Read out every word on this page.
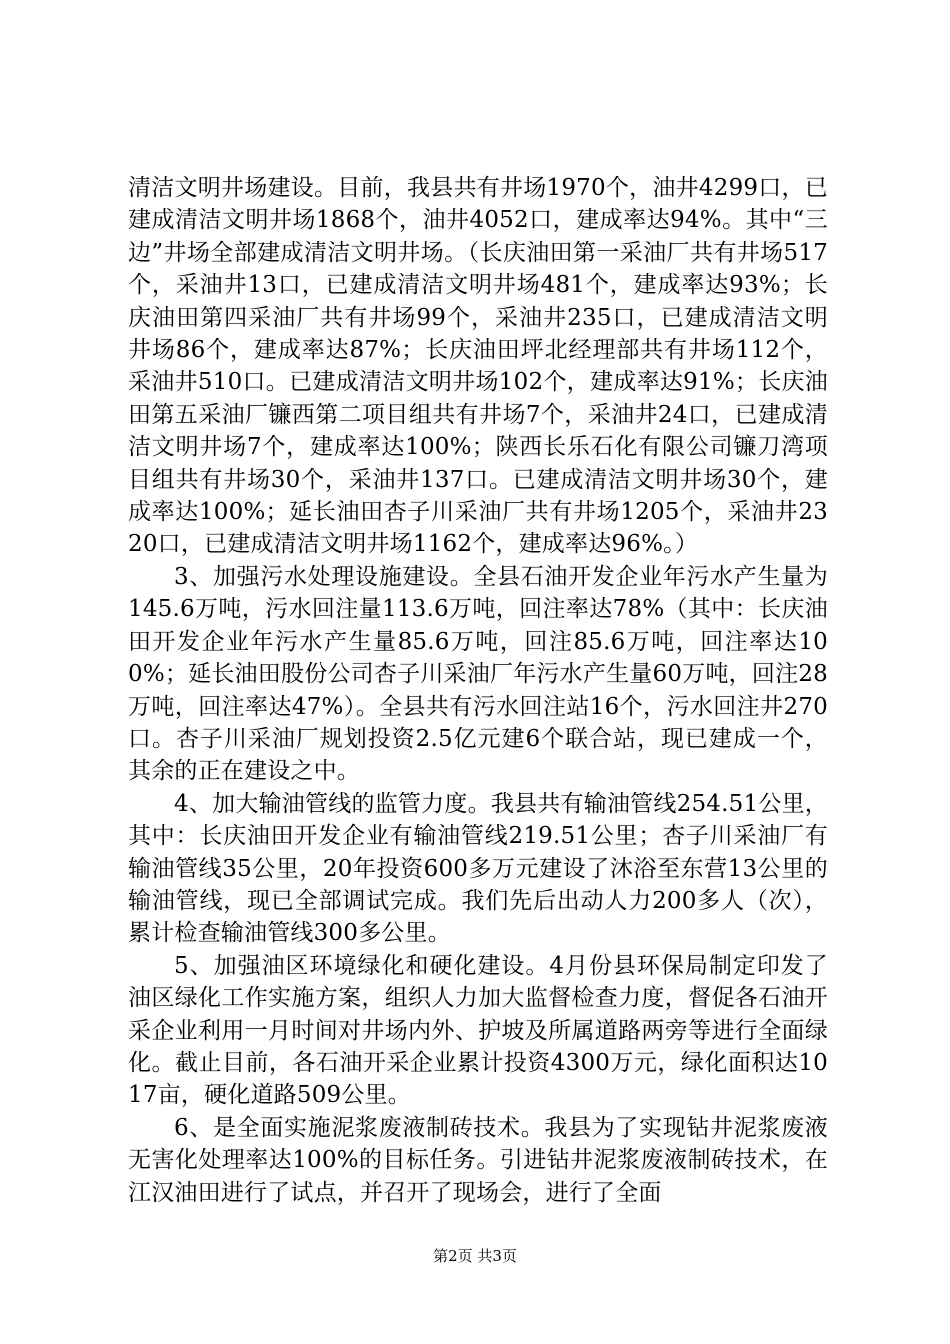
清洁文明井场建设。目前，我县共有井场1970个，油井4299口，已建成清洁文明井场1868个，油井4052口，建成率达94%。其中“三边”井场全部建成清洁文明井场。（长庆油田第一采油厂共有井场517个，采油井13口，已建成清洁文明井场481个，建成率达93%；长庆油田第四采油厂共有井场99个，采油井235口，已建成清洁文明井场86个，建成率达87%；长庆油田坪北经理部共有井场112个，采油井510口。已建成清洁文明井场102个，建成率达91%；长庆油田第五采油厂镰西第二项目组共有井场7个，采油井24口，已建成清洁文明井场7个，建成率达100%；陕西长乐石化有限公司镰刀湾项目组共有井场30个，采油井137口。已建成清洁文明井场30个，建成率达100%；延长油田杏子川采油厂共有井场1205个，采油井2320口，已建成清洁文明井场1162个，建成率达96%。）

3、加强污水处理设施建设。全县石油开发企业年污水产生量为145.6万吨，污水回注量113.6万吨，回注率达78%（其中：长庆油田开发企业年污水产生量85.6万吨，回注85.6万吨，回注率达100%；延长油田股份公司杏子川采油厂年污水产生量60万吨，回注28万吨，回注率达47%）。全县共有污水回注站16个，污水回注井270口。杏子川采油厂规划投资2.5亿元建6个联合站，现已建成一个，其余的正在建设之中。

4、加大输油管线的监管力度。我县共有输油管线254.51公里，其中：长庆油田开发企业有输油管线219.51公里；杏子川采油厂有输油管线35公里，20年投资600多万元建设了沐浴至东营13公里的输油管线，现已全部调试完成。我们先后出动人力200多人（次），累计检查输油管线300多公里。

5、加强油区环境绿化和硬化建设。4月份县环保局制定印发了油区绿化工作实施方案，组织人力加大监督检查力度，督促各石油开采企业利用一月时间对井场内外、护坡及所属道路两旁等进行全面绿化。截止目前，各石油开采企业累计投资4300万元，绿化面积达1017亩，硬化道路509公里。

6、是全面实施泥浆废液制砖技术。我县为了实现钻井泥浆废液无害化处理率达100%的目标任务。引进钻井泥浆废液制砖技术，在江汉油田进行了试点，并召开了现场会，进行了全面

第2页 共3页
